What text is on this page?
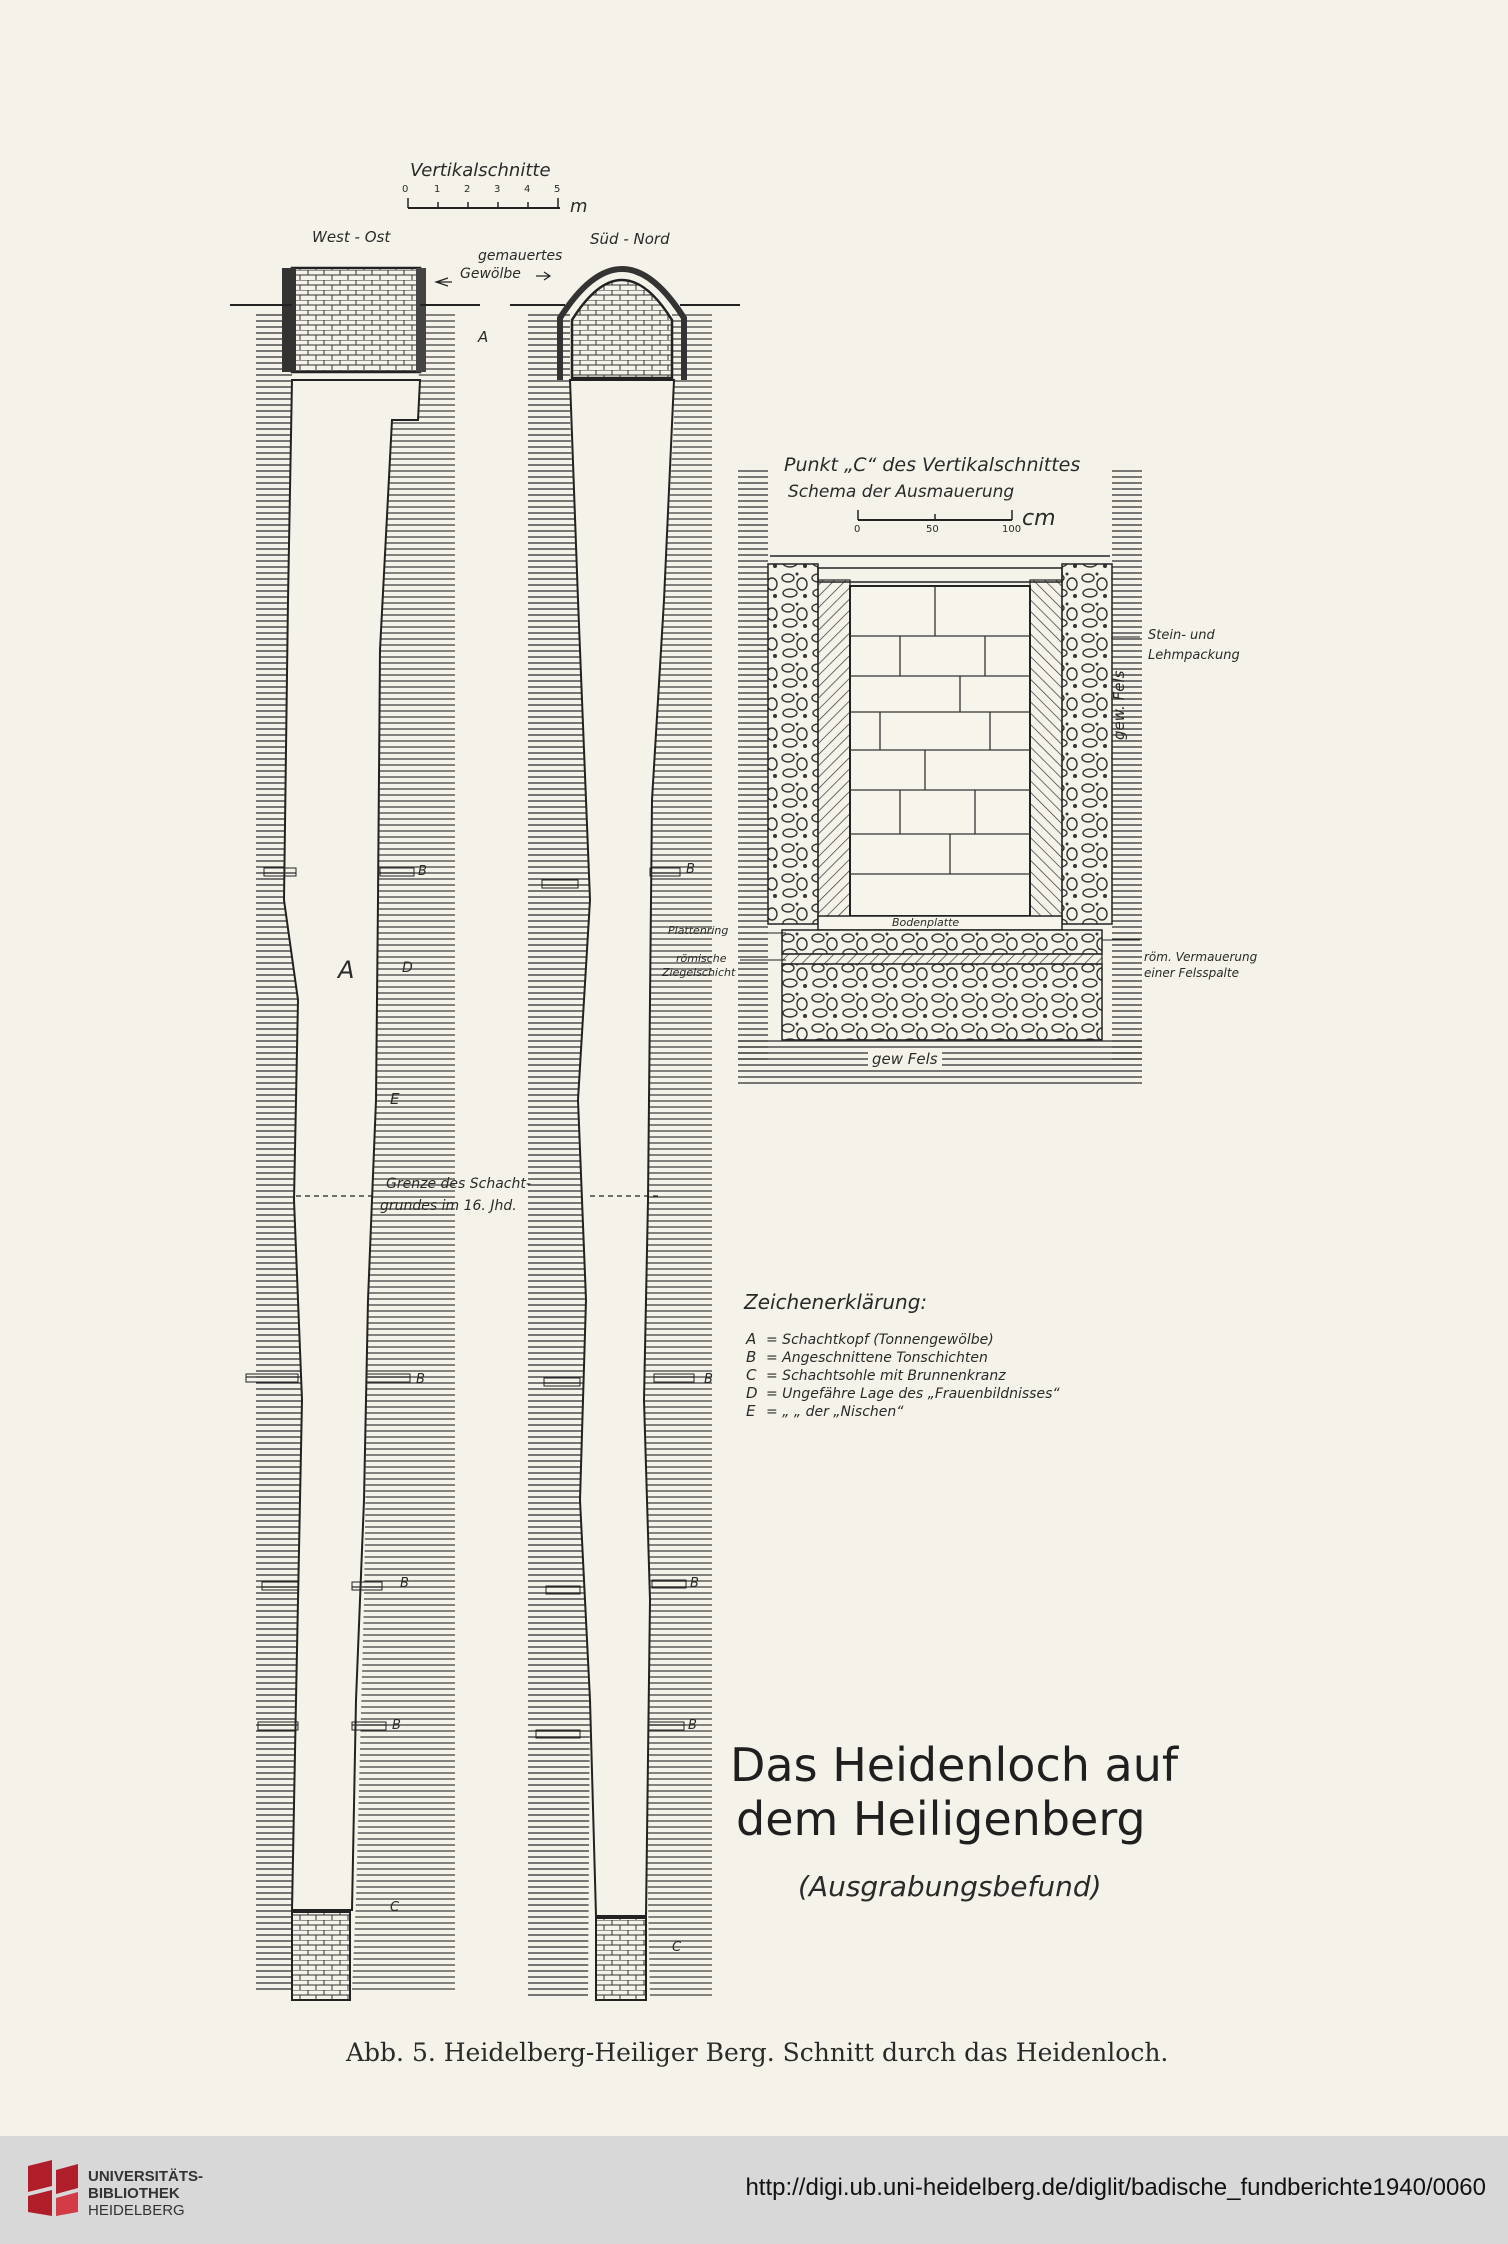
Vertikalschnitte
0	1 2 3 4 5
m
West - Ost	Süd - Nord
gemauertes
Gewölbe
A
B	B
A	D
E
Grenze des Schacht-
grundes im 16. Jhd.
B	B
B	B
B	B
C
C
Punkt „C“ des Vertikalschnittes
Schema der Ausmauerung
0	50	100 cm
Stein- und
Lehmpackung
gew. Fels
Plattenring
römische
Ziegelschicht
Bodenplatte
röm. Vermauerung
einer Felsspalte
gew Fels
Zeichenerklärung:
A = Schachtkopf (Tonnengewölbe)
B = Angeschnittene Tonschichten
C = Schachtsohle mit Brunnenkranz
D = Ungefähre Lage des „Frauenbildnisses“
E = „ „ der „Nischen“
Das Heidenloch auf
dem Heiligenberg
(Ausgrabungsbefund)
Abb. 5. Heidelberg-Heiliger Berg. Schnitt durch das Heidenloch.
UNIVERSITÄTS-
BIBLIOTHEK
HEIDELBERG
http://digi.ub.uni-heidelberg.de/diglit/badische_fundberichte1940/0060
